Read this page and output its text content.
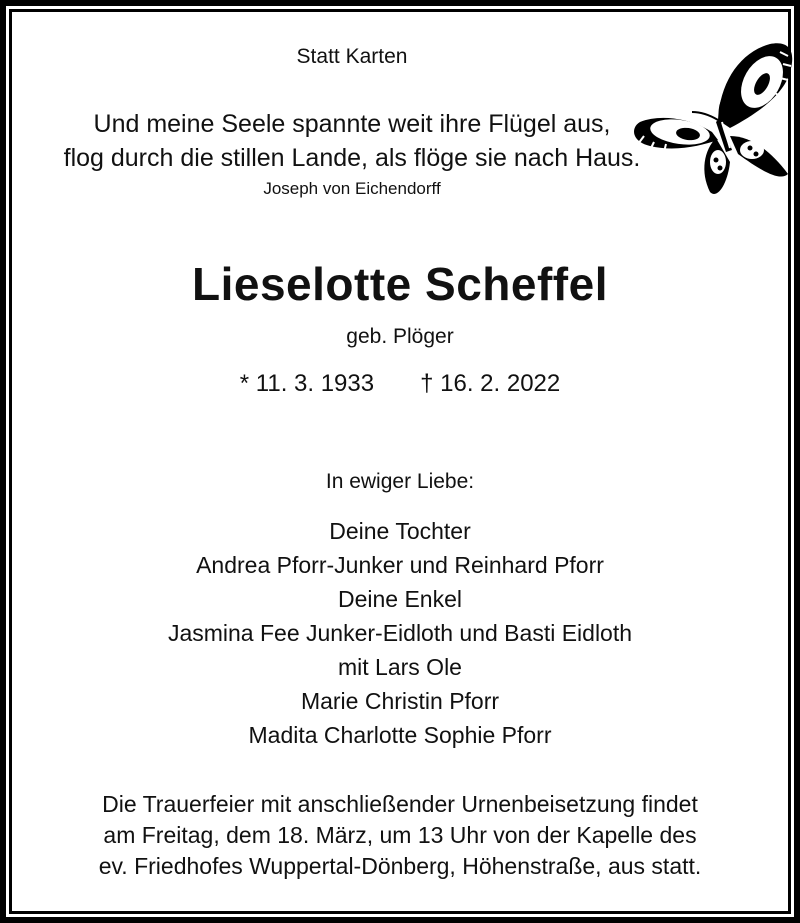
Statt Karten
Und meine Seele spannte weit ihre Flügel aus,
flog durch die stillen Lande, als flöge sie nach Haus.
Joseph von Eichendorff
Lieselotte Scheffel
geb. Plöger
* 11. 3. 1933 † 16. 2. 2022
In ewiger Liebe:
Deine Tochter
Andrea Pforr-Junker und Reinhard Pforr
Deine Enkel
Jasmina Fee Junker-Eidloth und Basti Eidloth
mit Lars Ole
Marie Christin Pforr
Madita Charlotte Sophie Pforr
Die Trauerfeier mit anschließender Urnenbeisetzung findet
am Freitag, dem 18. März, um 13 Uhr von der Kapelle des
ev. Friedhofes Wuppertal-Dönberg, Höhenstraße, aus statt.
